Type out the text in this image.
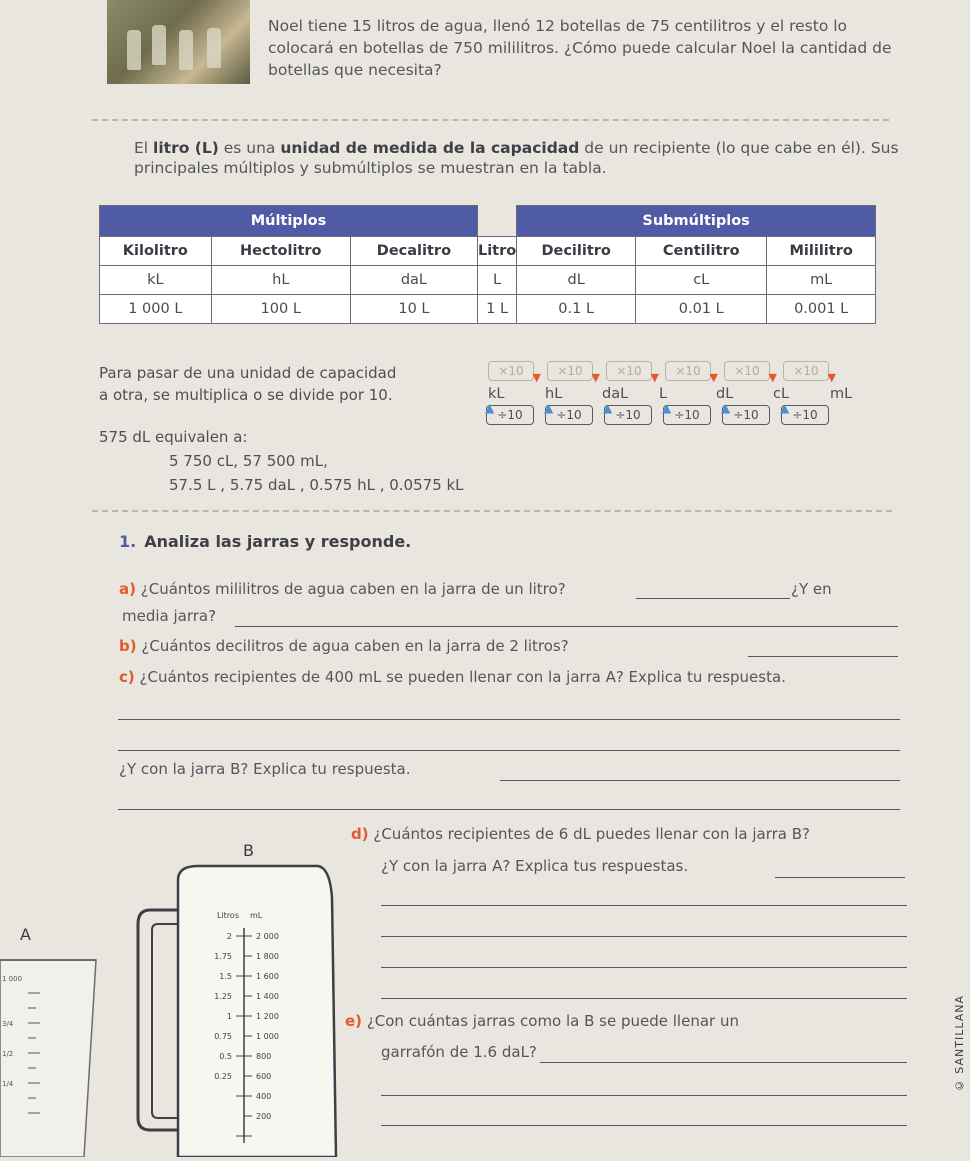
Noel tiene 15 litros de agua, llenó 12 botellas de 75 centilitros y el resto lo colocará en botellas de 750 mililitros. ¿Cómo puede calcular Noel la cantidad de botellas que necesita?
El litro (L) es una unidad de medida de la capacidad de un recipiente (lo que cabe en él). Sus principales múltiplos y submúltiplos se muestran en la tabla.
Múltiplos					Submúltiplos		
Kilolitro	Hectolitro	Decalitro	Litro		Decilitro	Centilitro	Mililitro
kL	hL	daL	L		dL	cL	mL
1 000 L	100 L	10 L	1 L		0.1 L	0.01 L	0.001 L
Para pasar de una unidad de capacidad
a otra, se multiplica o se divide por 10.
×10 ▼ ×10 ▼ ×10 ▼ ×10 ▼ ×10 ▼ ×10 ▼
kL	hL	daL L	dL	cL	mL
▲ ÷10 ▲ ÷10 ▲ ÷10 ▲ ÷10 ▲ ÷10 ▲ ÷10
575 dL equivalen a:
5 750 cL, 57 500 mL,
57.5 L , 5.75 daL , 0.575 hL , 0.0575 kL
1. Analiza las jarras y responde.
a) ¿Cuántos mililitros de agua caben en la jarra de un litro?	¿Y en
media jarra?
b) ¿Cuántos decilitros de agua caben en la jarra de 2 litros?
c) ¿Cuántos recipientes de 400 mL se pueden llenar con la jarra A? Explica tu respuesta.
¿Y con la jarra B? Explica tu respuesta.
d) ¿Cuántos recipientes de 6 dL puedes llenar con la jarra B?
¿Y con la jarra A? Explica tus respuestas.
e) ¿Con cuántas jarras como la B se puede llenar un
garrafón de 1.6 daL?
1 000
3/4
1/2
1/4
Litros mL
2
1.75
1.5
1.25
1
0.75
0.5
0.25
2 000
1 800
1 600
1 400
1 200
1 000
800
600
400
200
A
B
© SANTILLANA
